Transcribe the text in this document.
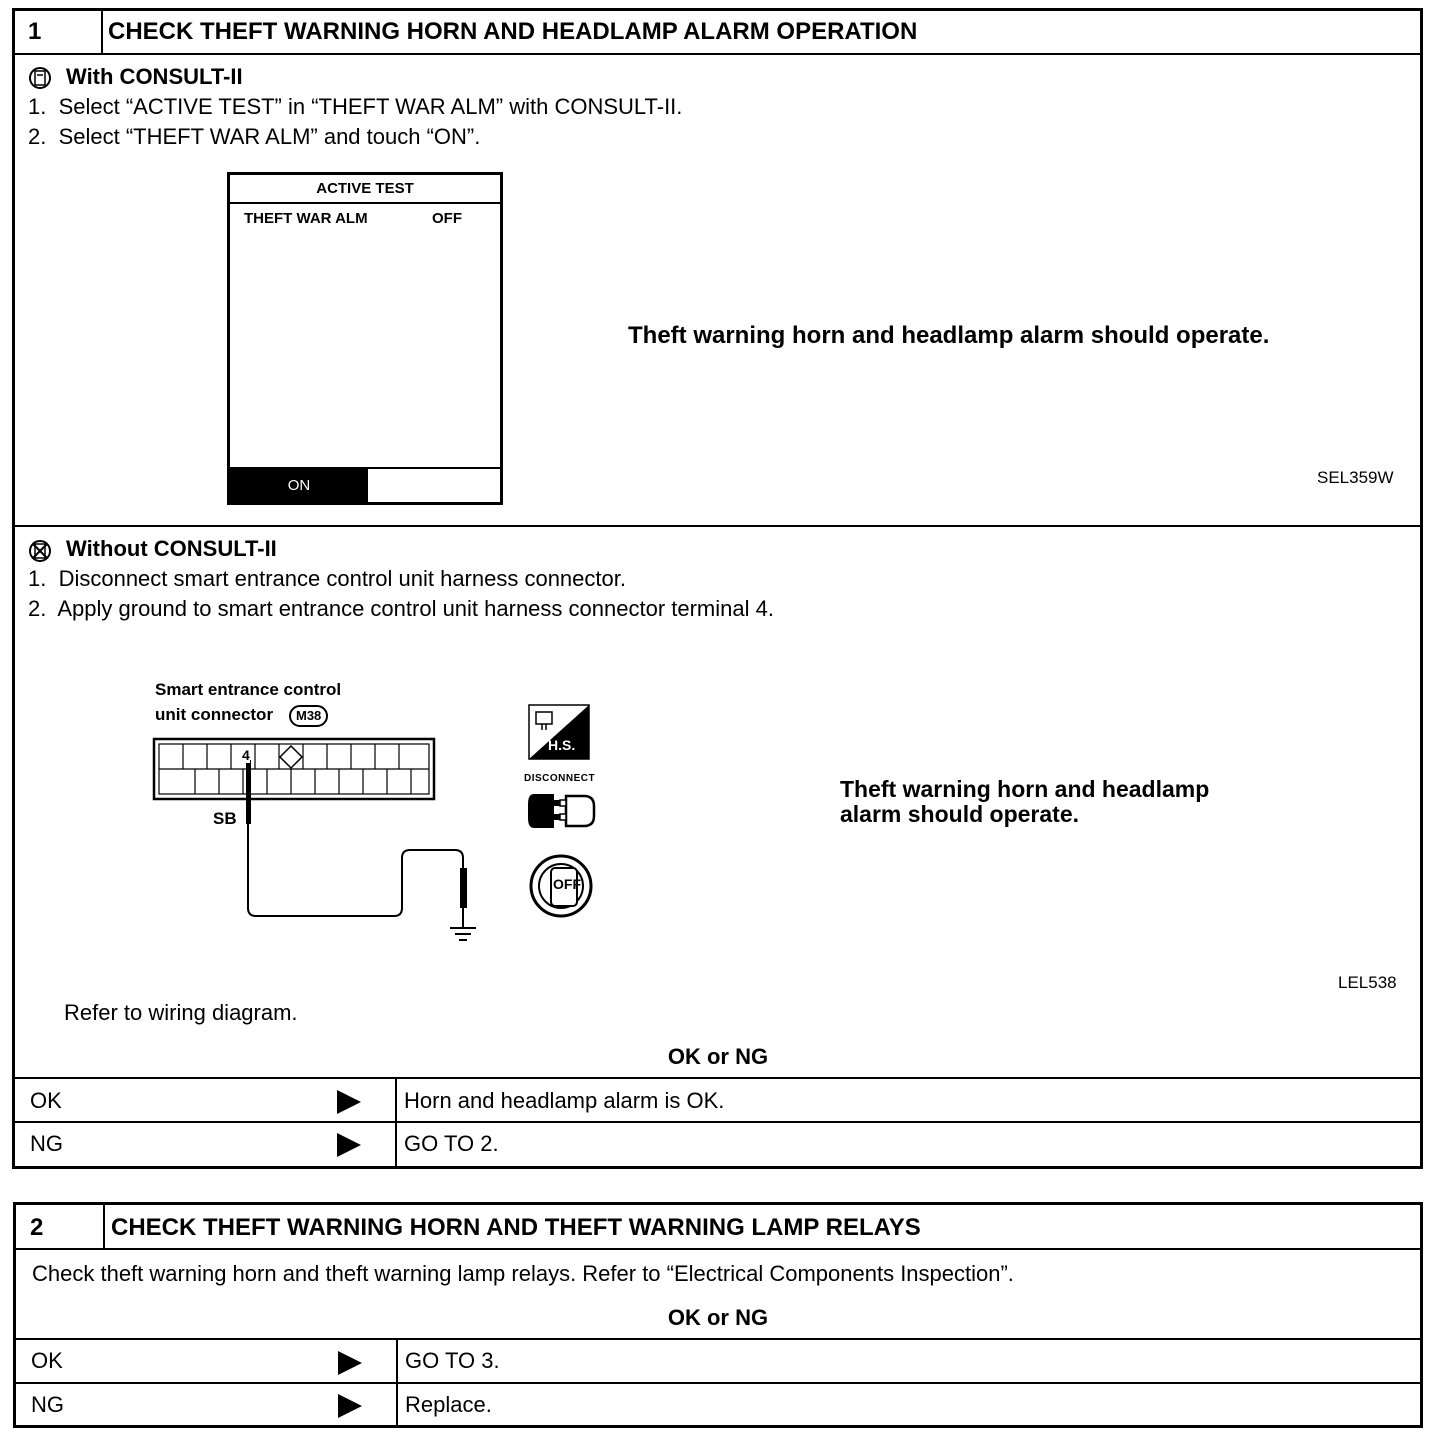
1	CHECK THEFT WARNING HORN AND HEADLAMP ALARM OPERATION
With CONSULT-II
1.  Select “ACTIVE TEST” in “THEFT WAR ALM” with CONSULT-II.
2.  Select “THEFT WAR ALM” and touch “ON”.
ACTIVE TEST
THEFT WAR ALM	OFF
ON
Theft warning horn and headlamp alarm should operate.
SEL359W
Without CONSULT-II
1.  Disconnect smart entrance control unit harness connector.
2.  Apply ground to smart entrance control unit harness connector terminal 4.
Smart entrance control
unit connector	M38
4
SB
H.S.
DISCONNECT
OFF
Theft warning horn and headlamp
alarm should operate.
LEL538
Refer to wiring diagram.
OK or NG
OK	Horn and headlamp alarm is OK.
NG	GO TO 2.
2	CHECK THEFT WARNING HORN AND THEFT WARNING LAMP RELAYS
Check theft warning horn and theft warning lamp relays. Refer to “Electrical Components Inspection”.
OK or NG
OK	GO TO 3.
NG	Replace.
